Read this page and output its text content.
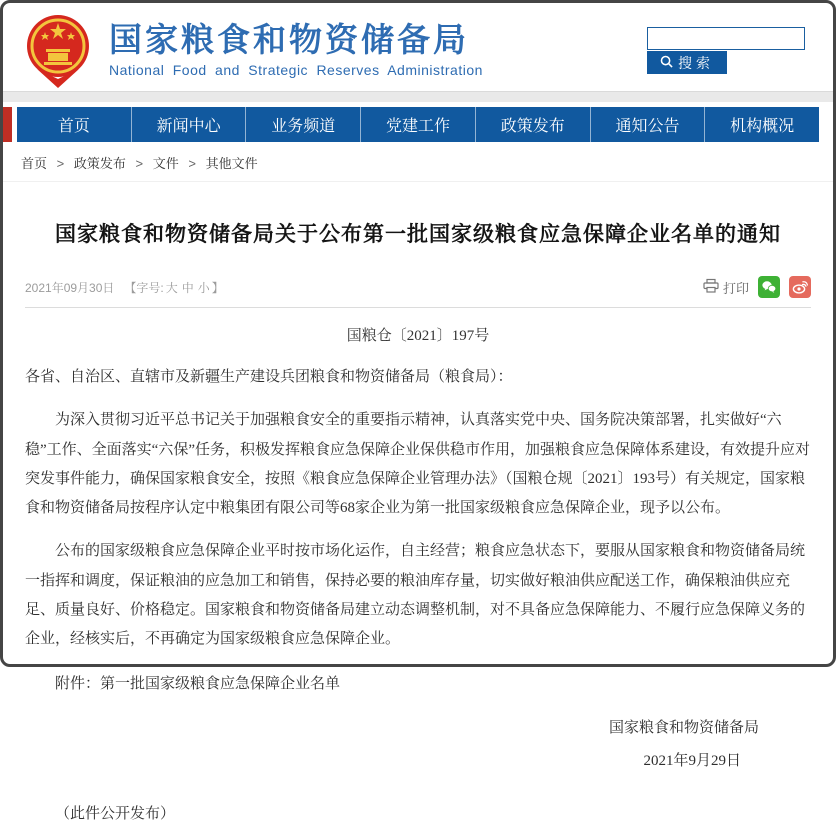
国家粮食和物资储备局
National Food and Strategic Reserves Administration	搜索
首页	新闻中心	业务频道	党建工作	政策发布	通知公告	机构概况
首页 > 政策发布 > 文件 > 其他文件
国家粮食和物资储备局关于公布第一批国家级粮食应急保障企业名单的通知
2021年09月30日 【字号: 大 中 小 】	打印
国粮仓〔2021〕197号

各省、自治区、直辖市及新疆生产建设兵团粮食和物资储备局（粮食局）：

为深入贯彻习近平总书记关于加强粮食安全的重要指示精神，认真落实党中央、国务院决策部署，扎实做好“六稳”工作、全面落实“六保”任务，积极发挥粮食应急保障企业保供稳市作用，加强粮食应急保障体系建设，有效提升应对突发事件能力，确保国家粮食安全，按照《粮食应急保障企业管理办法》（国粮仓规〔2021〕193号）有关规定，国家粮食和物资储备局按程序认定中粮集团有限公司等68家企业为第一批国家级粮食应急保障企业，现予以公布。

公布的国家级粮食应急保障企业平时按市场化运作，自主经营；粮食应急状态下，要服从国家粮食和物资储备局统一指挥和调度，保证粮油的应急加工和销售，保持必要的粮油库存量，切实做好粮油供应配送工作，确保粮油供应充足、质量良好、价格稳定。国家粮食和物资储备局建立动态调整机制，对不具备应急保障能力、不履行应急保障义务的企业，经核实后，不再确定为国家级粮食应急保障企业。

附件：第一批国家级粮食应急保障企业名单

国家粮食和物资储备局

2021年9月29日

（此件公开发布）
